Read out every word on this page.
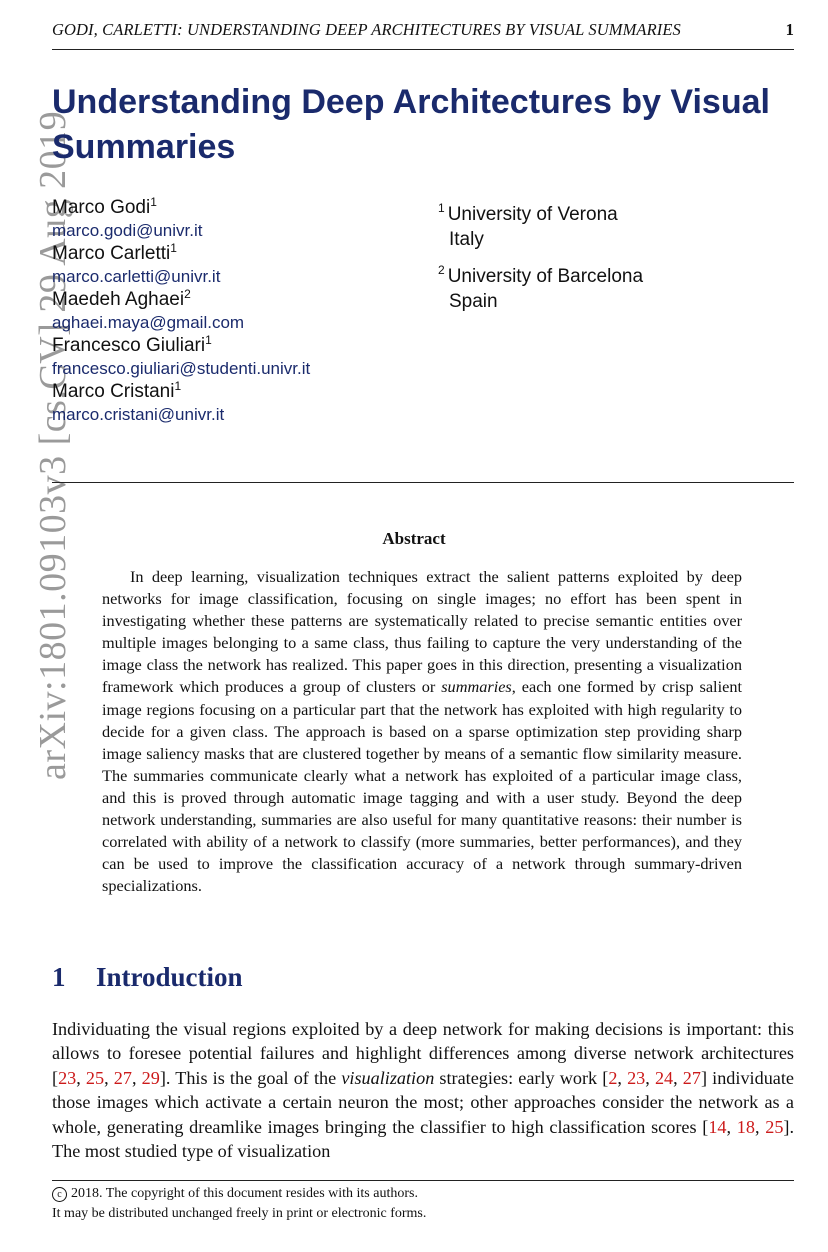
GODI, CARLETTI: UNDERSTANDING DEEP ARCHITECTURES BY VISUAL SUMMARIES	1
arXiv:1801.09103v3 [cs.CV] 29 Aug 2019
Understanding Deep Architectures by Visual Summaries
Marco Godi$^1$
marco.godi@univr.it
Marco Carletti$^1$
marco.carletti@univr.it
Maedeh Aghaei$^2$
aghaei.maya@gmail.com
Francesco Giuliari$^1$
francesco.giuliari@studenti.univr.it
Marco Cristani$^1$
marco.cristani@univr.it
$^1$ University of Verona
Italy
$^2$ University of Barcelona
Spain
Abstract

In deep learning, visualization techniques extract the salient patterns exploited by deep networks for image classification, focusing on single images; no effort has been spent in investigating whether these patterns are systematically related to precise semantic entities over multiple images belonging to a same class, thus failing to capture the very understanding of the image class the network has realized. This paper goes in this direction, presenting a visualization framework which produces a group of clusters or summaries, each one formed by crisp salient image regions focusing on a particular part that the network has exploited with high regularity to decide for a given class. The approach is based on a sparse optimization step providing sharp image saliency masks that are clustered together by means of a semantic flow similarity measure. The summaries communicate clearly what a network has exploited of a particular image class, and this is proved through automatic image tagging and with a user study. Beyond the deep network understanding, summaries are also useful for many quantitative reasons: their number is correlated with ability of a network to classify (more summaries, better performances), and they can be used to improve the classification accuracy of a network through summary-driven specializations.

1 Introduction

Individuating the visual regions exploited by a deep network for making decisions is important: this allows to foresee potential failures and highlight differences among diverse network architectures [23, 25, 27, 29]. This is the goal of the visualization strategies: early work [2, 23, 24, 27] individuate those images which activate a certain neuron the most; other approaches consider the network as a whole, generating dreamlike images bringing the classifier to high classification scores [14, 18, 25]. The most studied type of visualization

c 2018. The copyright of this document resides with its authors.
It may be distributed unchanged freely in print or electronic forms.
